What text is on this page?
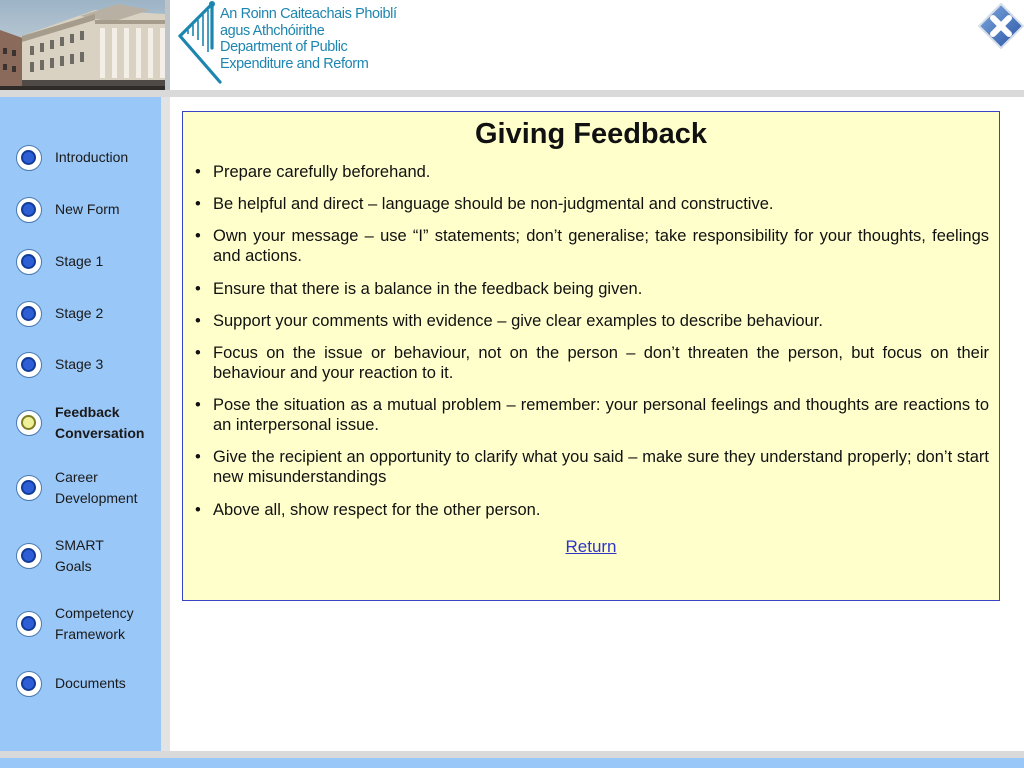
An Roinn Caiteachais Phoiblí
agus Athchóirithe
Department of Public
Expenditure and Reform
Introduction
New Form
Stage 1
Stage 2
Stage 3
Feedback Conversation
Career Development
SMART Goals
Competency Framework
Documents
Giving Feedback
• Prepare carefully beforehand.
• Be helpful and direct – language should be non-judgmental and constructive.
• Own your message – use “I” statements; don’t generalise; take responsibility for your thoughts, feelings and actions.
• Ensure that there is a balance in the feedback being given.
• Support your comments with evidence – give clear examples to describe behaviour.
• Focus on the issue or behaviour, not on the person – don’t threaten the person, but focus on their behaviour and your reaction to it.
• Pose the situation as a mutual problem – remember: your personal feelings and thoughts are reactions to an interpersonal issue.
• Give the recipient an opportunity to clarify what you said – make sure they understand properly; don’t start new misunderstandings
• Above all, show respect for the other person.
Return
